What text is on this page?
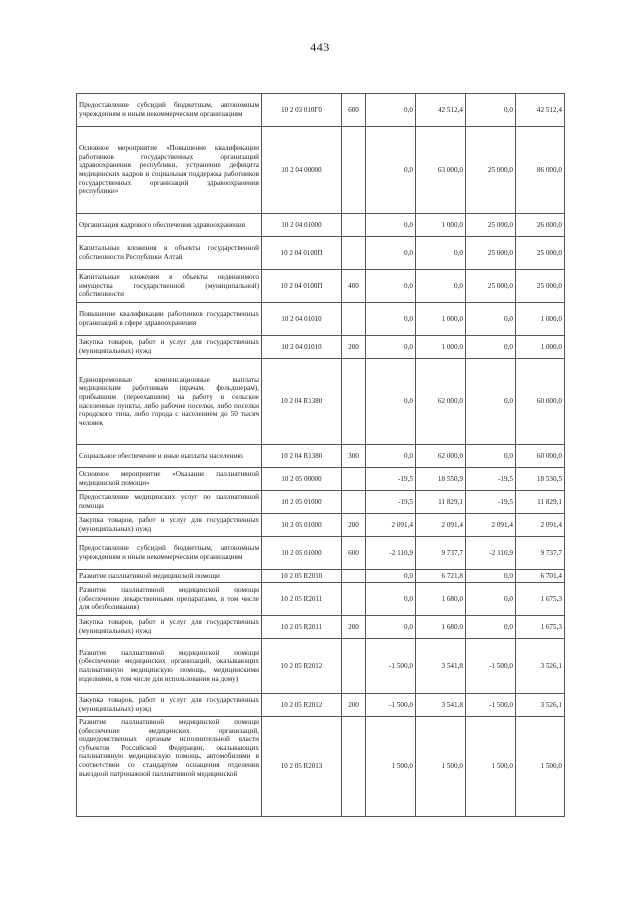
443
Предоставление субсидий бюджетным, автономным учреждениям и иным некоммерческим организациям	10 2 03 010Г0	600	0,0	42 512,4	0,0	42 512,4
Основное мероприятие «Повышение квалификации работников государственных организаций здравоохранения республики, устранение дефицита медицинских кадров и социальная поддержка работников государственных организаций здравоохранения республики»	10 2 04 00000		0,0	63 000,0	25 000,0	86 000,0
Организация кадрового обеспечения здравоохранения	10 2 04 01000		0,0	1 000,0	25 000,0	26 000,0
Капитальные вложения в объекты государственной собственности Республики Алтай	10 2 04 0100П		0,0	0,0	25 000,0	25 000,0
Капитальные вложения в объекты недвижимого имущества государственной (муниципальной) собственности	10 2 04 0100П	400	0,0	0,0	25 000,0	25 000,0
Повышение квалификации работников государственных организаций в сфере здравоохранения	10 2 04 01010		0,0	1 000,0	0,0	1 000,0
Закупка товаров, работ и услуг для государственных (муниципальных) нужд	10 2 04 01010	200	0,0	1 000,0	0,0	1 000,0
Единовременные компенсационные выплаты медицинским работникам (врачам, фельдшерам), прибывшим (переехавшим) на работу в сельские населенные пункты, либо рабочие поселки, либо поселки городского типа, либо города с населением до 50 тысяч человек	10 2 04 R1380		0,0	62 000,0	0,0	60 000,0
Социальное обеспечение и иные выплаты населению	10 2 04 R1380	300	0,0	62 000,0	0,0	60 000,0
Основное мероприятие «Оказание паллиативной медицинской помощи»	10 2 05 00000		-19,5	18 550,9	-19,5	18 530,5
Предоставление медицинских услуг по паллиативной помощи	10 2 05 01000		-19,5	11 829,1	-19,5	11 829,1
Закупка товаров, работ и услуг для государственных (муниципальных) нужд	10 2 05 01000	200	2 091,4	2 091,4	2 091,4	2 091,4
Предоставление субсидий бюджетным, автономным учреждениям и иным некоммерческим организациям	10 2 05 01000	600	-2 110,9	9 737,7	-2 110,9	9 737,7
Развитие паллиативной медицинской помощи	10 2 05 R2010		0,0	6 721,8	0,0	6 701,4
Развитие паллиативной медицинской помощи (обеспечение лекарственными препаратами, в том числе для обезболивания)	10 2 05 R2011		0,0	1 680,0	0,0	1 675,3
Закупка товаров, работ и услуг для государственных (муниципальных) нужд	10 2 05 R2011	200	0,0	1 680,0	0,0	1 675,3
Развитие паллиативной медицинской помощи (обеспечение медицинских организаций, оказывающих паллиативную медицинскую помощь, медицинскими изделиями, в том числе для использования на дому)	10 2 05 R2012		-1 500,0	3 541,8	-1 500,0	3 526,1
Закупка товаров, работ и услуг для государственных (муниципальных) нужд	10 2 05 R2012	200	-1 500,0	3 541,8	-1 500,0	3 526,1

Развитие паллиативной медицинской помощи (обеспечение медицинских организаций, подведомственных органам исполнительной власти субъектов Российской Федерации, оказывающих паллиативную медицинскую помощь, автомобилями в соответствии со стандартом оснащения отделения выездной патронажной паллиативной медицинской	10 2 05 R2013		1 500,0	1 500,0	1 500,0	1 500,0
